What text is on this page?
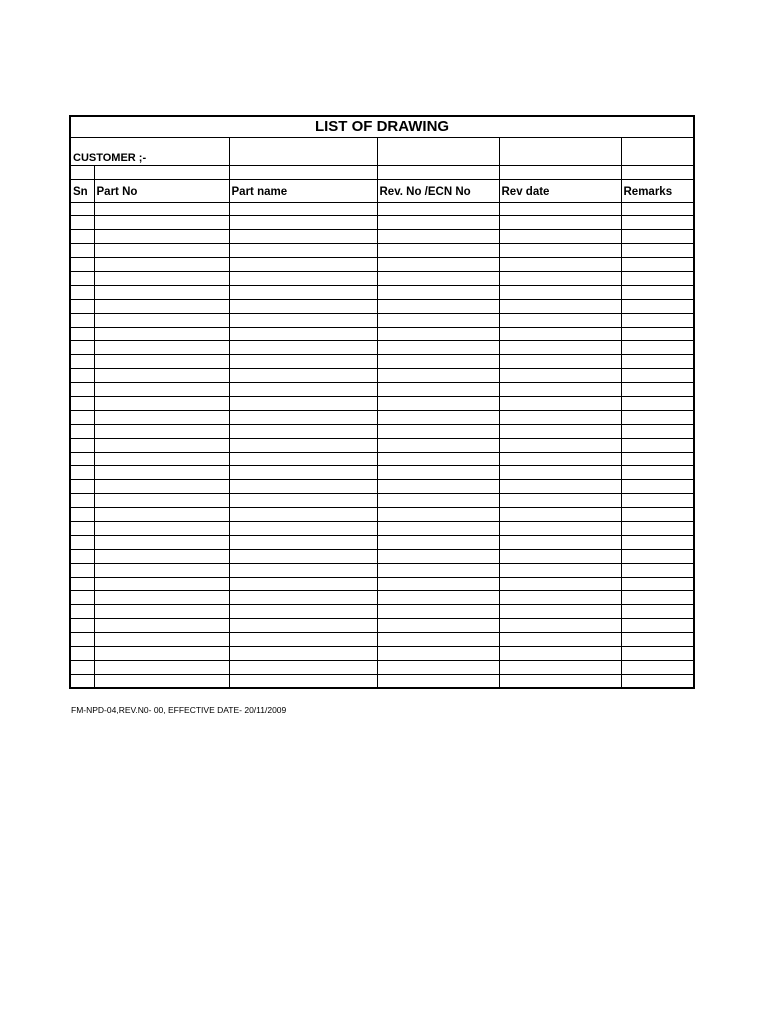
LIST OF DRAWING					
CUSTOMER ;-					

Sn	Part No	Part name	Rev. No /ECN No	Rev date	Remarks

FM-NPD-04,REV.N0- 00, EFFECTIVE DATE- 20/11/2009
